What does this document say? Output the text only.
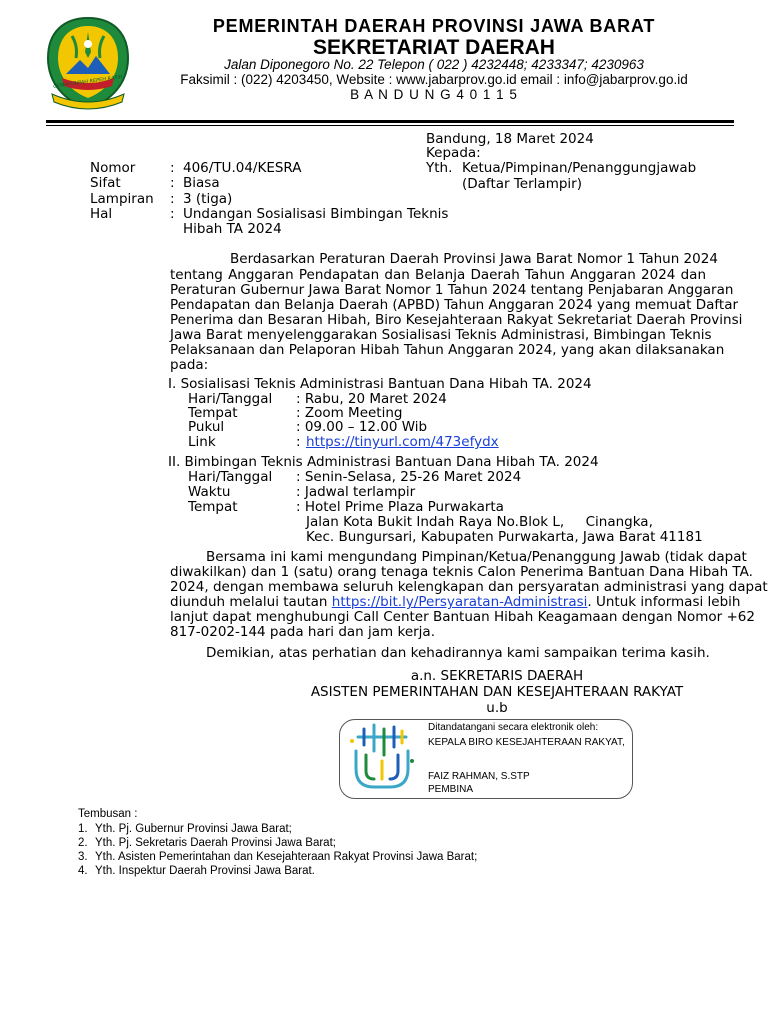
GEMAH RIPAH REPEH RAPIH
PEMERINTAH DAERAH PROVINSI JAWA BARAT
SEKRETARIAT DAERAH
Jalan Diponegoro No. 22 Telepon ( 022 ) 4232448; 4233347; 4230963
Faksimil : (022) 4203450, Website : www.jabarprov.go.id email : info@jabarprov.go.id
B A N D U N G 4 0 1 1 5
Bandung, 18 Maret 2024
Kepada:
Yth. Ketua/Pimpinan/Penanggungjawab
(Daftar Terlampir)
Nomor	: 406/TU.04/KESRA
Sifat	: Biasa
Lampiran : 3 (tiga)
Hal	: Undangan Sosialisasi Bimbingan Teknis
Hibah TA 2024
Berdasarkan Peraturan Daerah Provinsi Jawa Barat Nomor 1 Tahun 2024
tentang Anggaran Pendapatan dan Belanja Daerah Tahun Anggaran 2024 dan
Peraturan Gubernur Jawa Barat Nomor 1 Tahun 2024 tentang Penjabaran Anggaran
Pendapatan dan Belanja Daerah (APBD) Tahun Anggaran 2024 yang memuat Daftar
Penerima dan Besaran Hibah, Biro Kesejahteraan Rakyat Sekretariat Daerah Provinsi
Jawa Barat menyelenggarakan Sosialisasi Teknis Administrasi, Bimbingan Teknis
Pelaksanaan dan Pelaporan Hibah Tahun Anggaran 2024, yang akan dilaksanakan
pada:
I. Sosialisasi Teknis Administrasi Bantuan Dana Hibah TA. 2024
Hari/Tanggal : Rabu, 20 Maret 2024
Tempat	: Zoom Meeting
Pukul	: 09.00 – 12.00 Wib
Link	: https://tinyurl.com/473efydx
II. Bimbingan Teknis Administrasi Bantuan Dana Hibah TA. 2024
Hari/Tanggal : Senin-Selasa, 25-26 Maret 2024
Waktu	: Jadwal terlampir
Tempat	: Hotel Prime Plaza Purwakarta
Jalan Kota Bukit Indah Raya No.Blok L,     Cinangka,
Kec. Bungursari, Kabupaten Purwakarta, Jawa Barat 41181
Bersama ini kami mengundang Pimpinan/Ketua/Penanggung Jawab (tidak dapat
diwakilkan) dan 1 (satu) orang tenaga teknis Calon Penerima Bantuan Dana Hibah TA.
2024, dengan membawa seluruh kelengkapan dan persyaratan administrasi yang dapat
diunduh melalui tautan https://bit.ly/Persyaratan-Administrasi . Untuk informasi lebih
lanjut dapat menghubungi Call Center Bantuan Hibah Keagamaan dengan Nomor +62
817-0202-144 pada hari dan jam kerja.
Demikian, atas perhatian dan kehadirannya kami sampaikan terima kasih.
a.n. SEKRETARIS DAERAH
ASISTEN PEMERINTAHAN DAN KESEJAHTERAAN RAKYAT
u.b
Ditandatangani secara elektronik oleh:
KEPALA BIRO KESEJAHTERAAN RAKYAT,
FAIZ RAHMAN, S.STP
PEMBINA
Tembusan :
1. Yth. Pj. Gubernur Provinsi Jawa Barat;
2. Yth. Pj. Sekretaris Daerah Provinsi Jawa Barat;
3. Yth. Asisten Pemerintahan dan Kesejahteraan Rakyat Provinsi Jawa Barat;
4. Yth. Inspektur Daerah Provinsi Jawa Barat.
